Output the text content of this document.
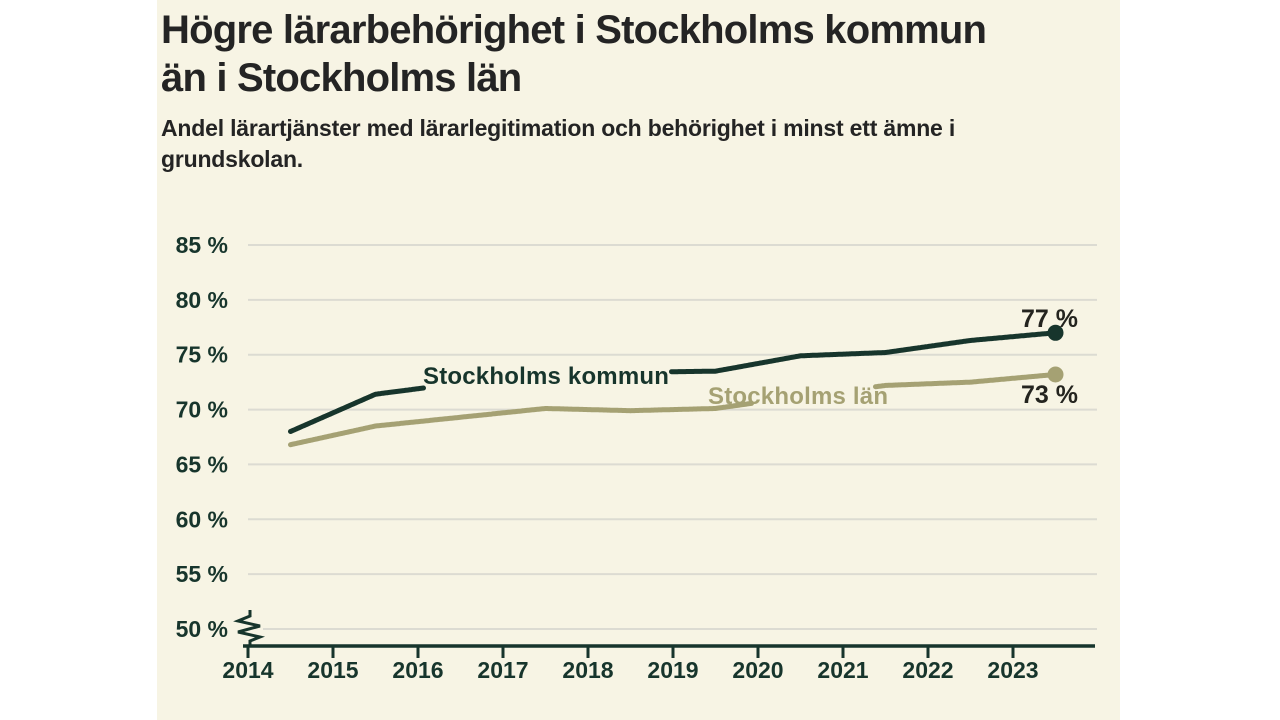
Högre lärarbehörighet i Stockholms kommun
än i Stockholms län

Andel lärartjänster med lärarlegitimation och behörighet i minst ett ämne i
grundskolan.

2014 2015 2016 2017 2018 2019 2020 2021 2022 2023
85 %
80 %
75 %
70 %
65 %
60 %
55 %
50 %
Stockholms kommun
77 %
Stockholms län	73 %
